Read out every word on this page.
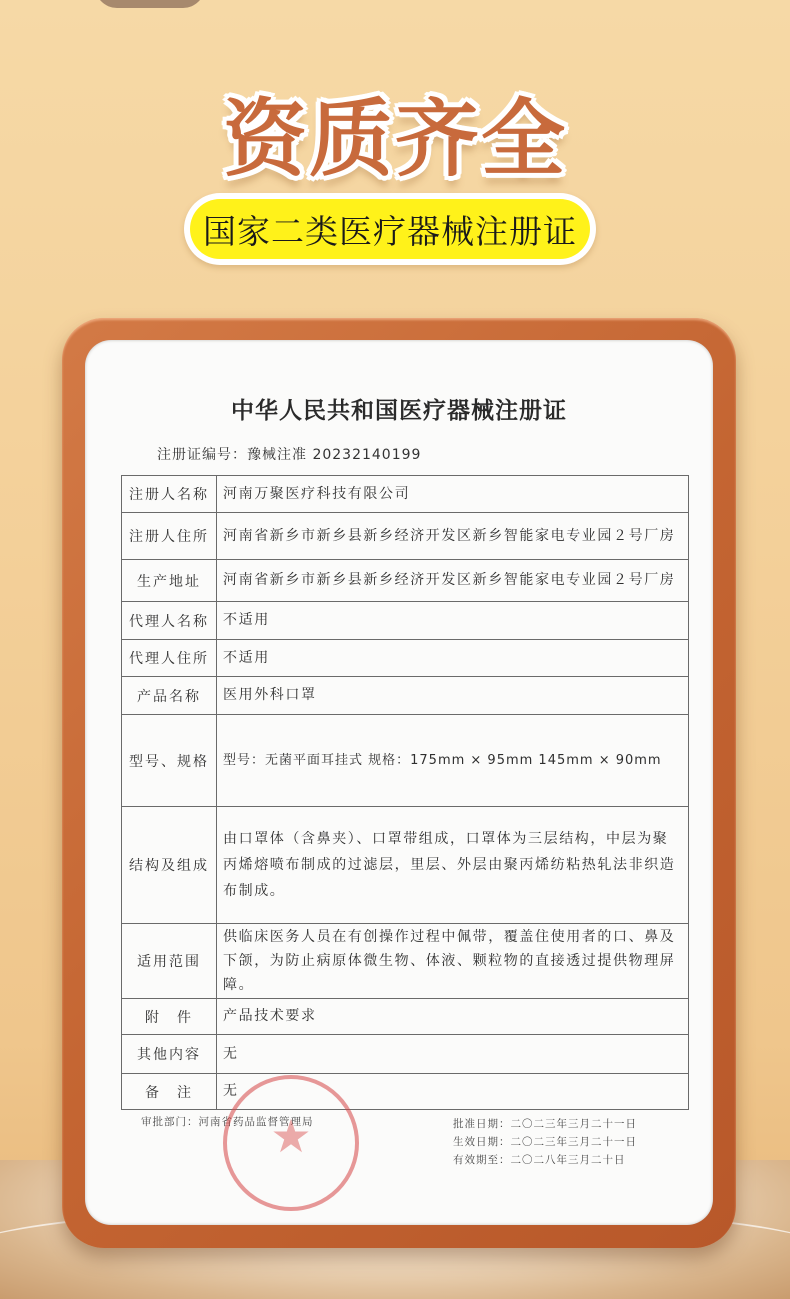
资质齐全
国家二类医疗器械注册证
中华人民共和国医疗器械注册证
注册证编号：豫械注准 20232140199
注册人名称	河南万聚医疗科技有限公司
注册人住所	河南省新乡市新乡县新乡经济开发区新乡智能家电专业园２号厂房
生产地址	河南省新乡市新乡县新乡经济开发区新乡智能家电专业园２号厂房
代理人名称	不适用
代理人住所	不适用
产品名称	医用外科口罩
型号、规格	型号：无菌平面耳挂式 规格：175mm × 95mm 145mm × 90mm
结构及组成	由口罩体（含鼻夹）、口罩带组成，口罩体为三层结构，中层为聚丙烯熔喷布制成的过滤层，里层、外层由聚丙烯纺粘热轧法非织造布制成。
适用范围	供临床医务人员在有创操作过程中佩带，覆盖住使用者的口、鼻及下颌，为防止病原体微生物、体液、颗粒物的直接透过提供物理屏障。
附　件	产品技术要求
其他内容	无
备　注	无
审批部门：河南省药品监督管理局	批准日期：二〇二三年三月二十一日
生效日期：二〇二三年三月二十一日
有效期至：二〇二八年三月二十日
★
